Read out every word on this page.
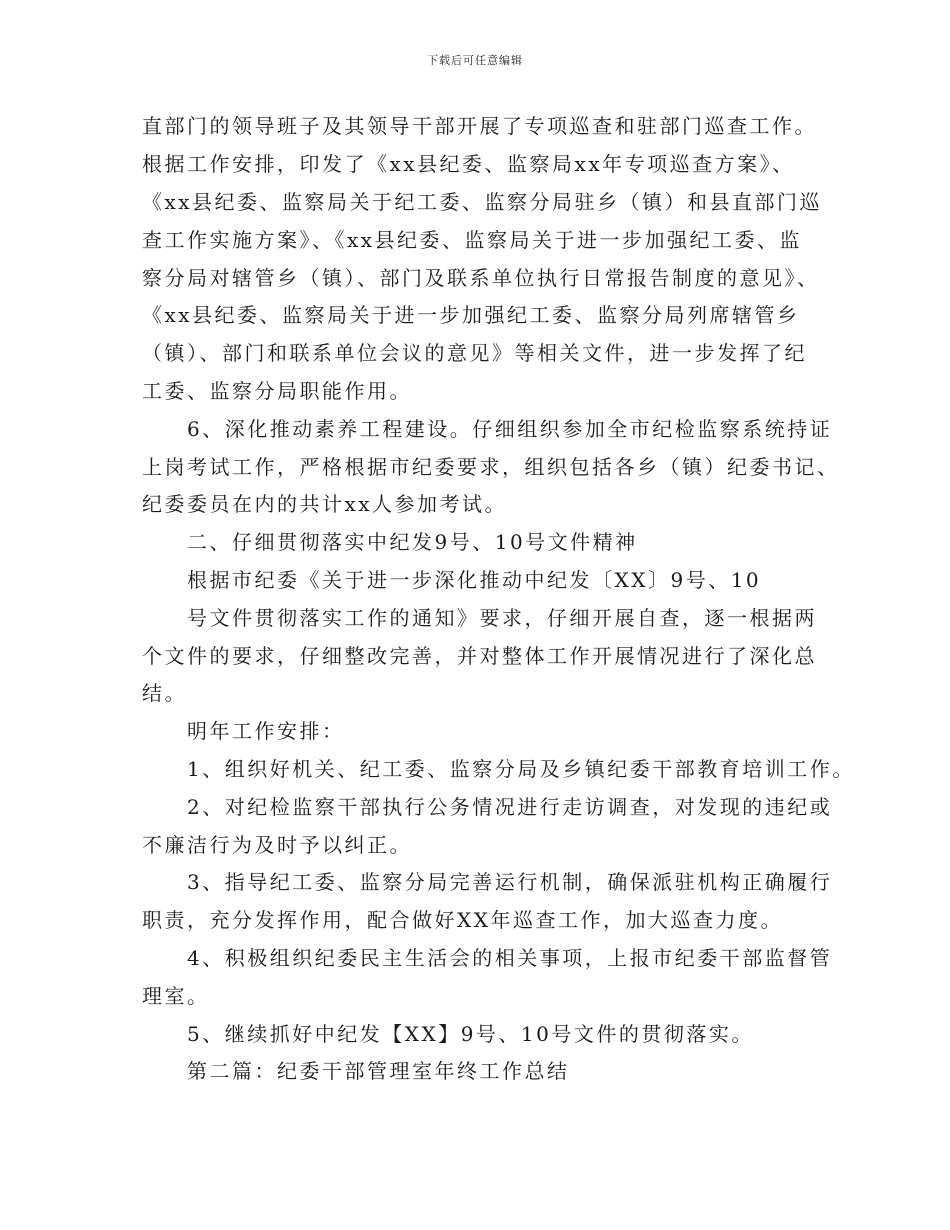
下载后可任意编辑
直部门的领导班子及其领导干部开展了专项巡查和驻部门巡查工作。
根据工作安排，印发了《xx县纪委、监察局xx年专项巡查方案》、
《xx县纪委、监察局关于纪工委、监察分局驻乡（镇）和县直部门巡
查工作实施方案》、《xx县纪委、监察局关于进一步加强纪工委、监
察分局对辖管乡（镇）、部门及联系单位执行日常报告制度的意见》、
《xx县纪委、监察局关于进一步加强纪工委、监察分局列席辖管乡
（镇）、部门和联系单位会议的意见》等相关文件，进一步发挥了纪
工委、监察分局职能作用。
6、深化推动素养工程建设。仔细组织参加全市纪检监察系统持证
上岗考试工作，严格根据市纪委要求，组织包括各乡（镇）纪委书记、
纪委委员在内的共计xx人参加考试。
二、仔细贯彻落实中纪发9号、10号文件精神
根据市纪委《关于进一步深化推动中纪发〔XX〕9号、10
号文件贯彻落实工作的通知》要求，仔细开展自查，逐一根据两
个文件的要求，仔细整改完善，并对整体工作开展情况进行了深化总
结。
明年工作安排：
1、组织好机关、纪工委、监察分局及乡镇纪委干部教育培训工作。
2、对纪检监察干部执行公务情况进行走访调查，对发现的违纪或
不廉洁行为及时予以纠正。
3、指导纪工委、监察分局完善运行机制，确保派驻机构正确履行
职责，充分发挥作用，配合做好XX年巡查工作，加大巡查力度。
4、积极组织纪委民主生活会的相关事项，上报市纪委干部监督管
理室。
5、继续抓好中纪发【XX】9号、10号文件的贯彻落实。
第二篇：纪委干部管理室年终工作总结
